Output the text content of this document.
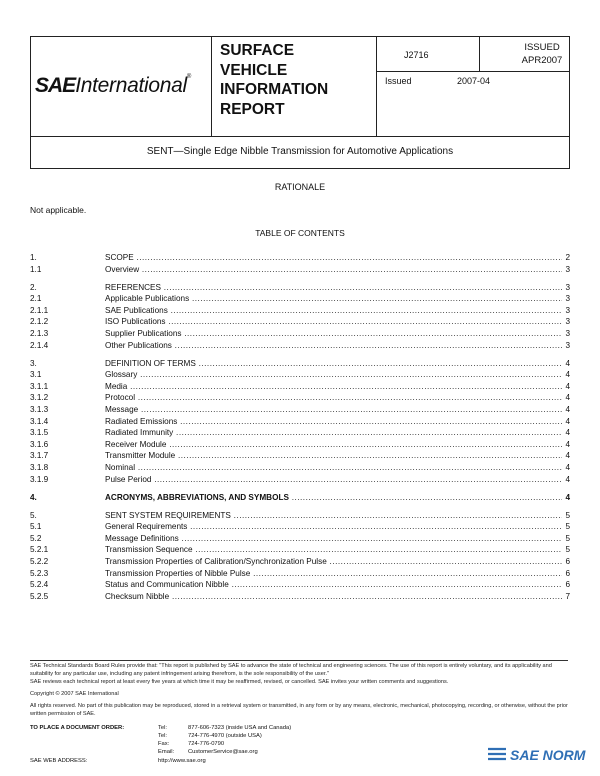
SAEInternational®
SURFACE
VEHICLE
INFORMATION
REPORT
J2716
ISSUED
APR2007
Issued	2007-04
SENT—Single Edge Nibble Transmission for Automotive Applications
RATIONALE
Not applicable.
TABLE OF CONTENTS
1.	SCOPE .....	2
1.1	Overview .....	3
2.	REFERENCES .....	3
2.1	Applicable Publications .....	3
2.1.1	SAE Publications .....	3
2.1.2	ISO Publications .....	3
2.1.3	Supplier Publications .....	3
2.1.4	Other Publications .....	3
3.	DEFINITION OF TERMS .....	4
3.1	Glossary .....	4
3.1.1	Media .....	4
3.1.2	Protocol .....	4
3.1.3	Message .....	4
3.1.4	Radiated Emissions .....	4
3.1.5	Radiated Immunity .....	4
3.1.6	Receiver Module .....	4
3.1.7	Transmitter Module .....	4
3.1.8	Nominal .....	4
3.1.9	Pulse Period .....	4
4.	ACRONYMS, ABBREVIATIONS, AND SYMBOLS .....	4
5.	SENT SYSTEM REQUIREMENTS .....	5
5.1	General Requirements .....	5
5.2	Message Definitions .....	5
5.2.1	Transmission Sequence .....	5
5.2.2	Transmission Properties of Calibration/Synchronization Pulse .....	6
5.2.3	Transmission Properties of Nibble Pulse .....	6
5.2.4	Status and Communication Nibble .....	6
5.2.5	Checksum Nibble .....	7
SAE Technical Standards Board Rules provide that: "This report is published by SAE to advance the state of technical and engineering sciences. The use of this report is entirely voluntary, and its applicability and suitability for any particular use, including any patent infringement arising therefrom, is the sole responsibility of the user."
SAE reviews each technical report at least every five years at which time it may be reaffirmed, revised, or cancelled. SAE invites your written comments and suggestions.
Copyright © 2007 SAE International
All rights reserved. No part of this publication may be reproduced, stored in a retrieval system or transmitted, in any form or by any means, electronic, mechanical, photocopying, recording, or otherwise, without the prior written permission of SAE.
TO PLACE A DOCUMENT ORDER:	Tel:	877-606-7323 (inside USA and Canada)
Tel:	724-776-4970 (outside USA)
Fax:	724-776-0790
Email: CustomerService@sae.org
SAE WEB ADDRESS:	http://www.sae.org	SAE NORM
